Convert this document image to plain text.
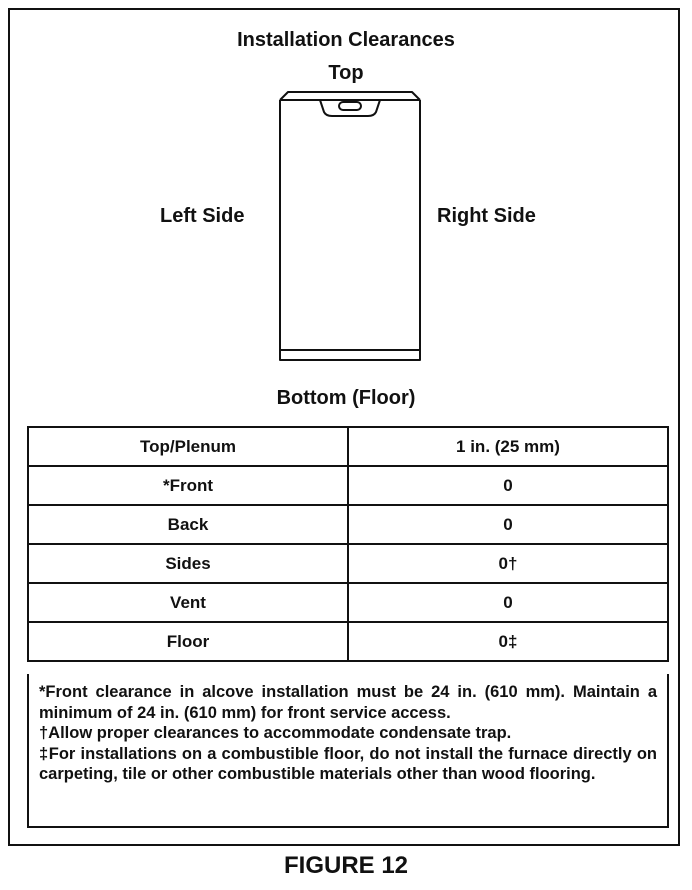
Installation Clearances
Top
Left Side	Right Side
Bottom (Floor)
Top/Plenum	1 in. (25 mm)
*Front	0
Back	0
Sides	0†
Vent	0
Floor	0‡

*Front clearance in alcove installation must be 24 in. (610 mm). Maintain a minimum of 24 in. (610 mm) for front service access.

†Allow proper clearances to accommodate condensate trap.

‡For installations on a combustible floor, do not install the furnace directly on carpeting, tile or other combustible materials other than wood flooring.

FIGURE 12
